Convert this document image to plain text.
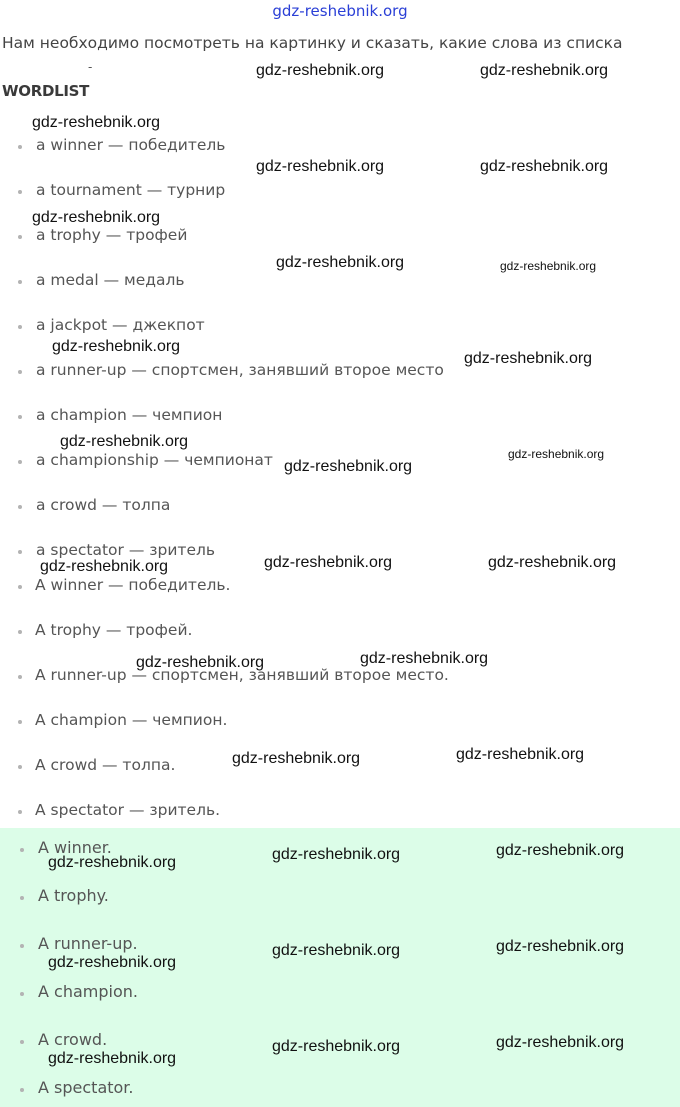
gdz-reshebnik.org
Нам необходимо посмотреть на картинку и сказать, какие слова из списка
-
WORDLIST
a winner — победитель
a tournament — турнир
a trophy — трофей
a medal — медаль
a jackpot — джекпот
a runner-up — спортсмен, занявший второе место
a champion — чемпион
a championship — чемпионат
a crowd — толпа
a spectator — зритель
A winner — победитель.
A trophy — трофей.
A runner-up — спортсмен, занявший второе место.
A champion — чемпион.
A crowd — толпа.
A spectator — зритель.
A winner.
A trophy.
A runner-up.
A champion.
A crowd.
A spectator.
gdz-reshebnik.org	gdz-reshebnik.org
gdz-reshebnik.org
gdz-reshebnik.org	gdz-reshebnik.org
gdz-reshebnik.org
gdz-reshebnik.org	gdz-reshebnik.org
gdz-reshebnik.org
gdz-reshebnik.org
gdz-reshebnik.org
gdz-reshebnik.org
gdz-reshebnik.org
gdz-reshebnik.org	gdz-reshebnik.org	gdz-reshebnik.org
gdz-reshebnik.org	gdz-reshebnik.org
gdz-reshebnik.org	gdz-reshebnik.org
gdz-reshebnik.org	gdz-reshebnik.org	gdz-reshebnik.org
gdz-reshebnik.org
gdz-reshebnik.org	gdz-reshebnik.org
gdz-reshebnik.org
gdz-reshebnik.org	gdz-reshebnik.org
